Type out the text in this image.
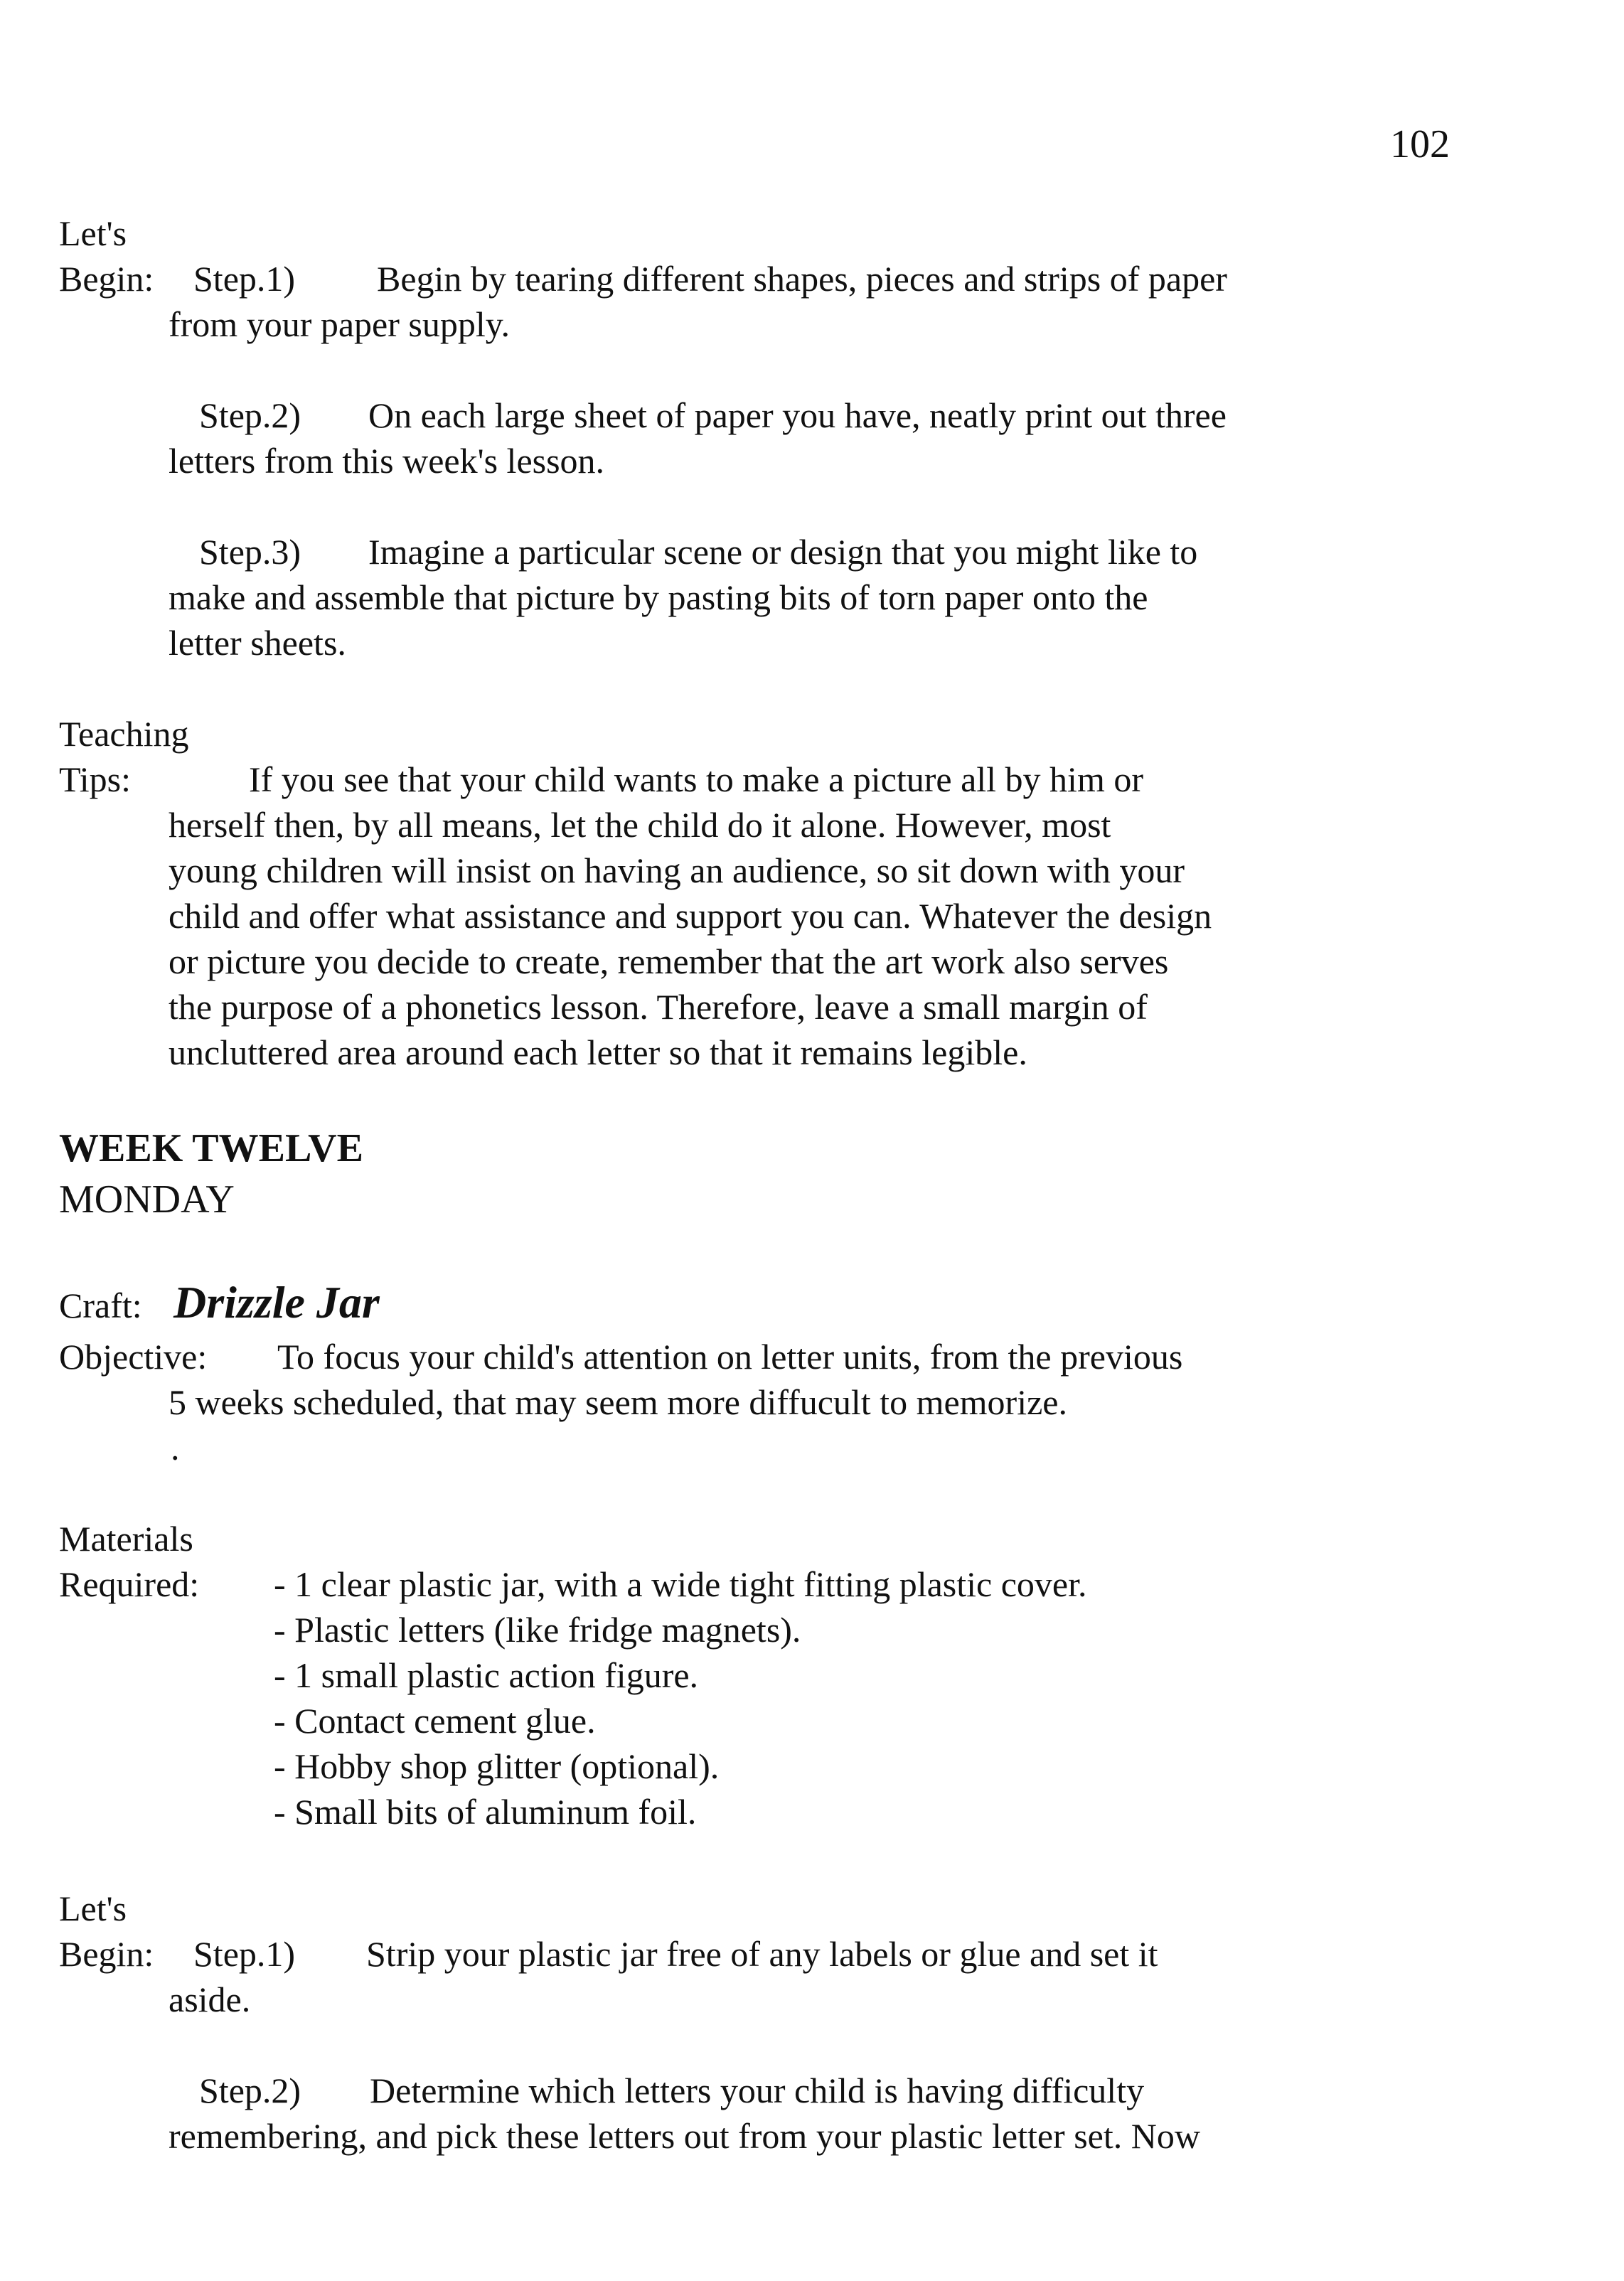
102
Let's
Begin: Step.1) Begin by tearing different shapes, pieces and strips of paper
from your paper supply.
Step.2) On each large sheet of paper you have, neatly print out three
letters from this week's lesson.
Step.3) Imagine a particular scene or design that you might like to
make and assemble that picture by pasting bits of torn paper onto the
letter sheets.
Teaching
Tips:	If you see that your child wants to make a picture all by him or
herself then, by all means, let the child do it alone. However, most
young children will insist on having an audience, so sit down with your
child and offer what assistance and support you can. Whatever the design
or picture you decide to create, remember that the art work also serves
the purpose of a phonetics lesson. Therefore, leave a small margin of
uncluttered area around each letter so that it remains legible.
WEEK TWELVE
MONDAY
Craft: Drizzle Jar
Objective: To focus your child's attention on letter units, from the previous
5 weeks scheduled, that may seem more diffucult to memorize.
.
Materials
Required: - 1 clear plastic jar, with a wide tight fitting plastic cover.
- Plastic letters (like fridge magnets).
- 1 small plastic action figure.
- Contact cement glue.
- Hobby shop glitter (optional).
- Small bits of aluminum foil.
Let's
Begin: Step.1) Strip your plastic jar free of any labels or glue and set it
aside.
Step.2) Determine which letters your child is having difficulty
remembering, and pick these letters out from your plastic letter set. Now
